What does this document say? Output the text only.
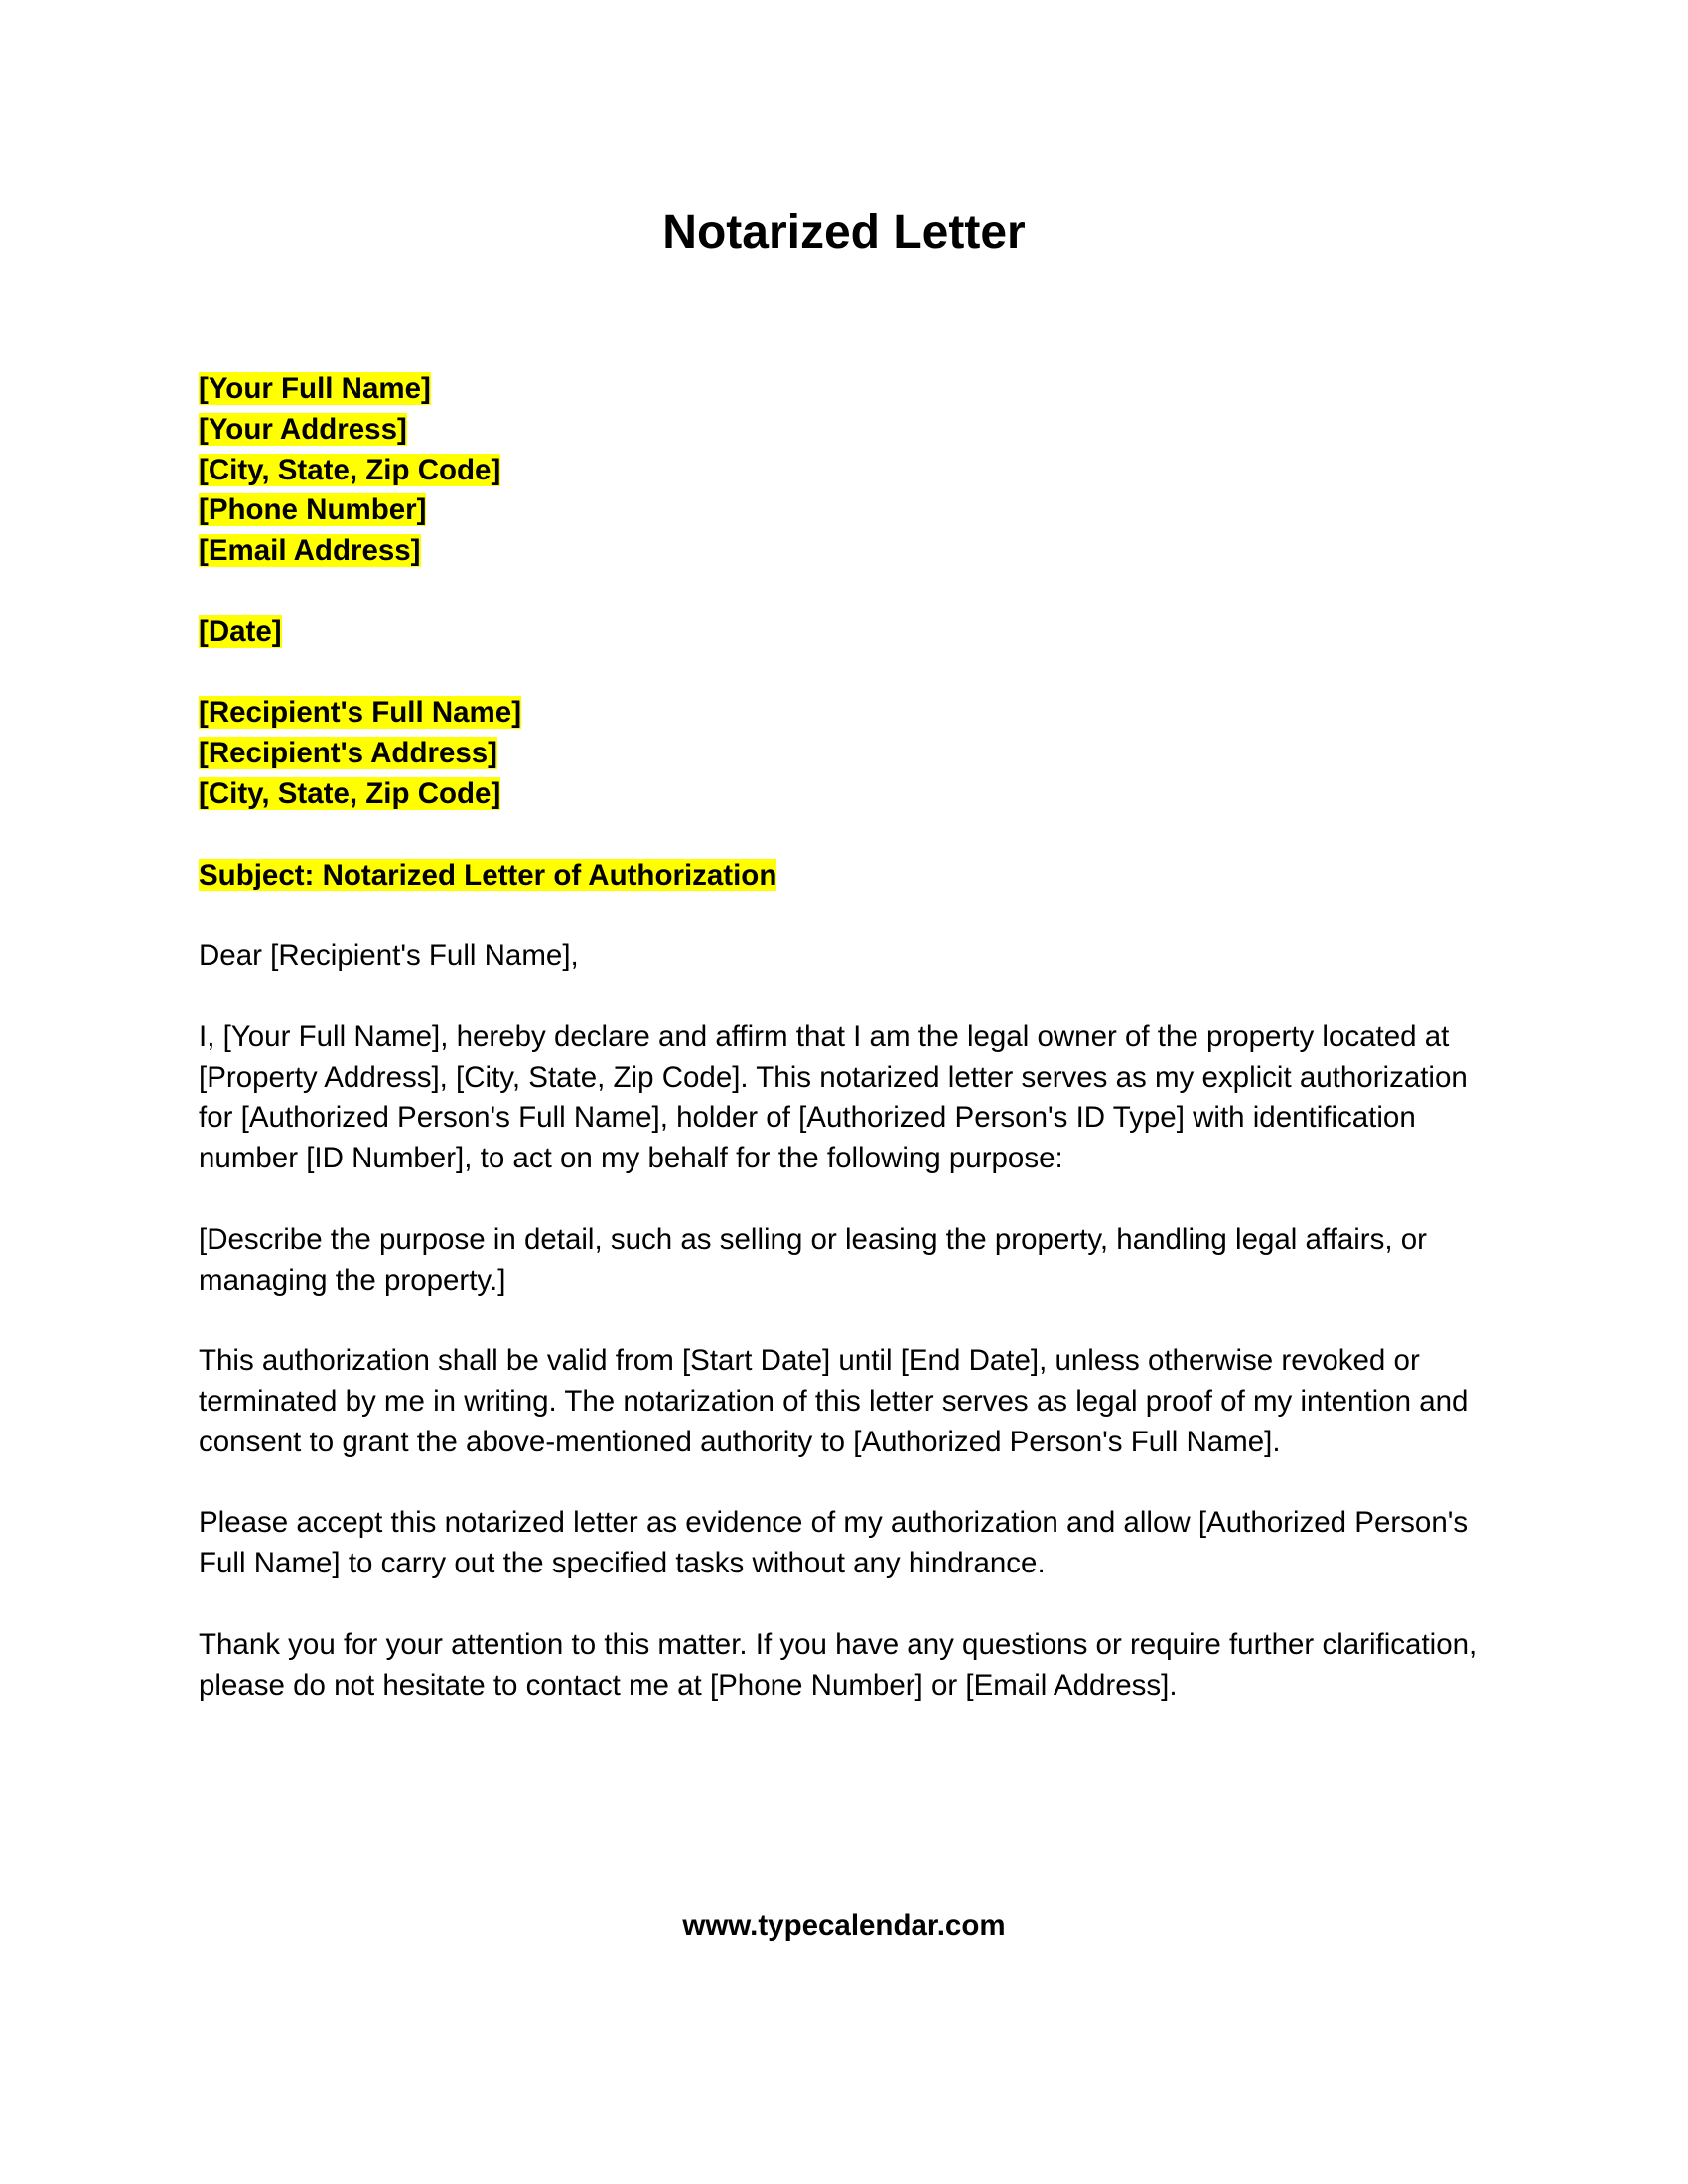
Notarized Letter
[Your Full Name]
[Your Address]
[City, State, Zip Code]
[Phone Number]
[Email Address]
[Date]
[Recipient's Full Name]
[Recipient's Address]
[City, State, Zip Code]
Subject: Notarized Letter of Authorization

Dear [Recipient's Full Name],

I, [Your Full Name], hereby declare and affirm that I am the legal owner of the property located at [Property Address], [City, State, Zip Code]. This notarized letter serves as my explicit authorization for [Authorized Person's Full Name], holder of [Authorized Person's ID Type] with identification number [ID Number], to act on my behalf for the following purpose:

[Describe the purpose in detail, such as selling or leasing the property, handling legal affairs, or managing the property.]

This authorization shall be valid from [Start Date] until [End Date], unless otherwise revoked or terminated by me in writing. The notarization of this letter serves as legal proof of my intention and consent to grant the above-mentioned authority to [Authorized Person's Full Name].

Please accept this notarized letter as evidence of my authorization and allow [Authorized Person's Full Name] to carry out the specified tasks without any hindrance.

Thank you for your attention to this matter. If you have any questions or require further clarification, please do not hesitate to contact me at [Phone Number] or [Email Address].

www.typecalendar.com
